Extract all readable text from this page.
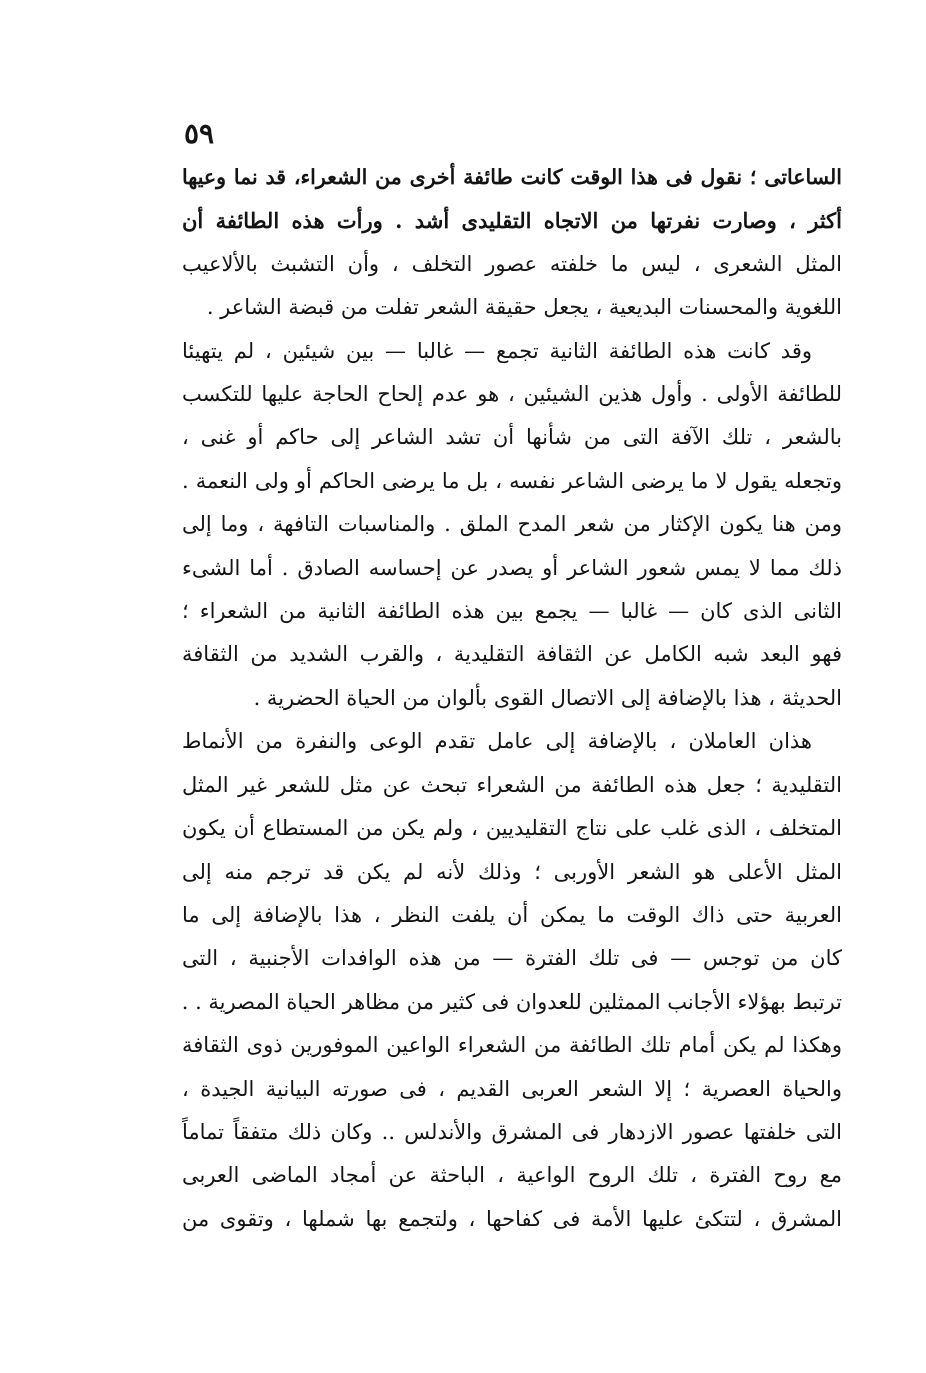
٥٩
الساعاتى ؛ نقول فى هذا الوقت كانت طائفة أخرى من الشعراء، قد نما وعيها
أكثر ، وصارت نفرتها من الاتجاه التقليدى أشد . ورأت هذه الطائفة أن
المثل الشعرى ، ليس ما خلفته عصور التخلف ، وأن التشبث بالألاعيب
اللغوية والمحسنات البديعية ، يجعل حقيقة الشعر تفلت من قبضة الشاعر .
وقد كانت هذه الطائفة الثانية تجمع — غالبا — بين شيئين ، لم يتهيئا
للطائفة الأولى . وأول هذين الشيئين ، هو عدم إلحاح الحاجة عليها للتكسب
بالشعر ، تلك الآفة التى من شأنها أن تشد الشاعر إلى حاكم أو غنى ،
وتجعله يقول لا ما يرضى الشاعر نفسه ، بل ما يرضى الحاكم أو ولى النعمة .
ومن هنا يكون الإكثار من شعر المدح الملق . والمناسبات التافهة ، وما إلى
ذلك مما لا يمس شعور الشاعر أو يصدر عن إحساسه الصادق . أما الشىء
الثانى الذى كان — غالبا — يجمع بين هذه الطائفة الثانية من الشعراء ؛
فهو البعد شبه الكامل عن الثقافة التقليدية ، والقرب الشديد من الثقافة
الحديثة ، هذا بالإضافة إلى الاتصال القوى بألوان من الحياة الحضرية .
هذان العاملان ، بالإضافة إلى عامل تقدم الوعى والنفرة من الأنماط
التقليدية ؛ جعل هذه الطائفة من الشعراء تبحث عن مثل للشعر غير المثل
المتخلف ، الذى غلب على نتاج التقليديين ، ولم يكن من المستطاع أن يكون
المثل الأعلى هو الشعر الأوربى ؛ وذلك لأنه لم يكن قد ترجم منه إلى
العربية حتى ذاك الوقت ما يمكن أن يلفت النظر ، هذا بالإضافة إلى ما
كان من توجس — فى تلك الفترة — من هذه الوافدات الأجنبية ، التى
ترتبط بهؤلاء الأجانب الممثلين للعدوان فى كثير من مظاهر الحياة المصرية . .
وهكذا لم يكن أمام تلك الطائفة من الشعراء الواعين الموفورين ذوى الثقافة
والحياة العصرية ؛ إلا الشعر العربى القديم ، فى صورته البيانية الجيدة ،
التى خلفتها عصور الازدهار فى المشرق والأندلس .. وكان ذلك متفقاً تماماً
مع روح الفترة ، تلك الروح الواعية ، الباحثة عن أمجاد الماضى العربى
المشرق ، لتتكئ عليها الأمة فى كفاحها ، ولتجمع بها شملها ، وتقوى من
